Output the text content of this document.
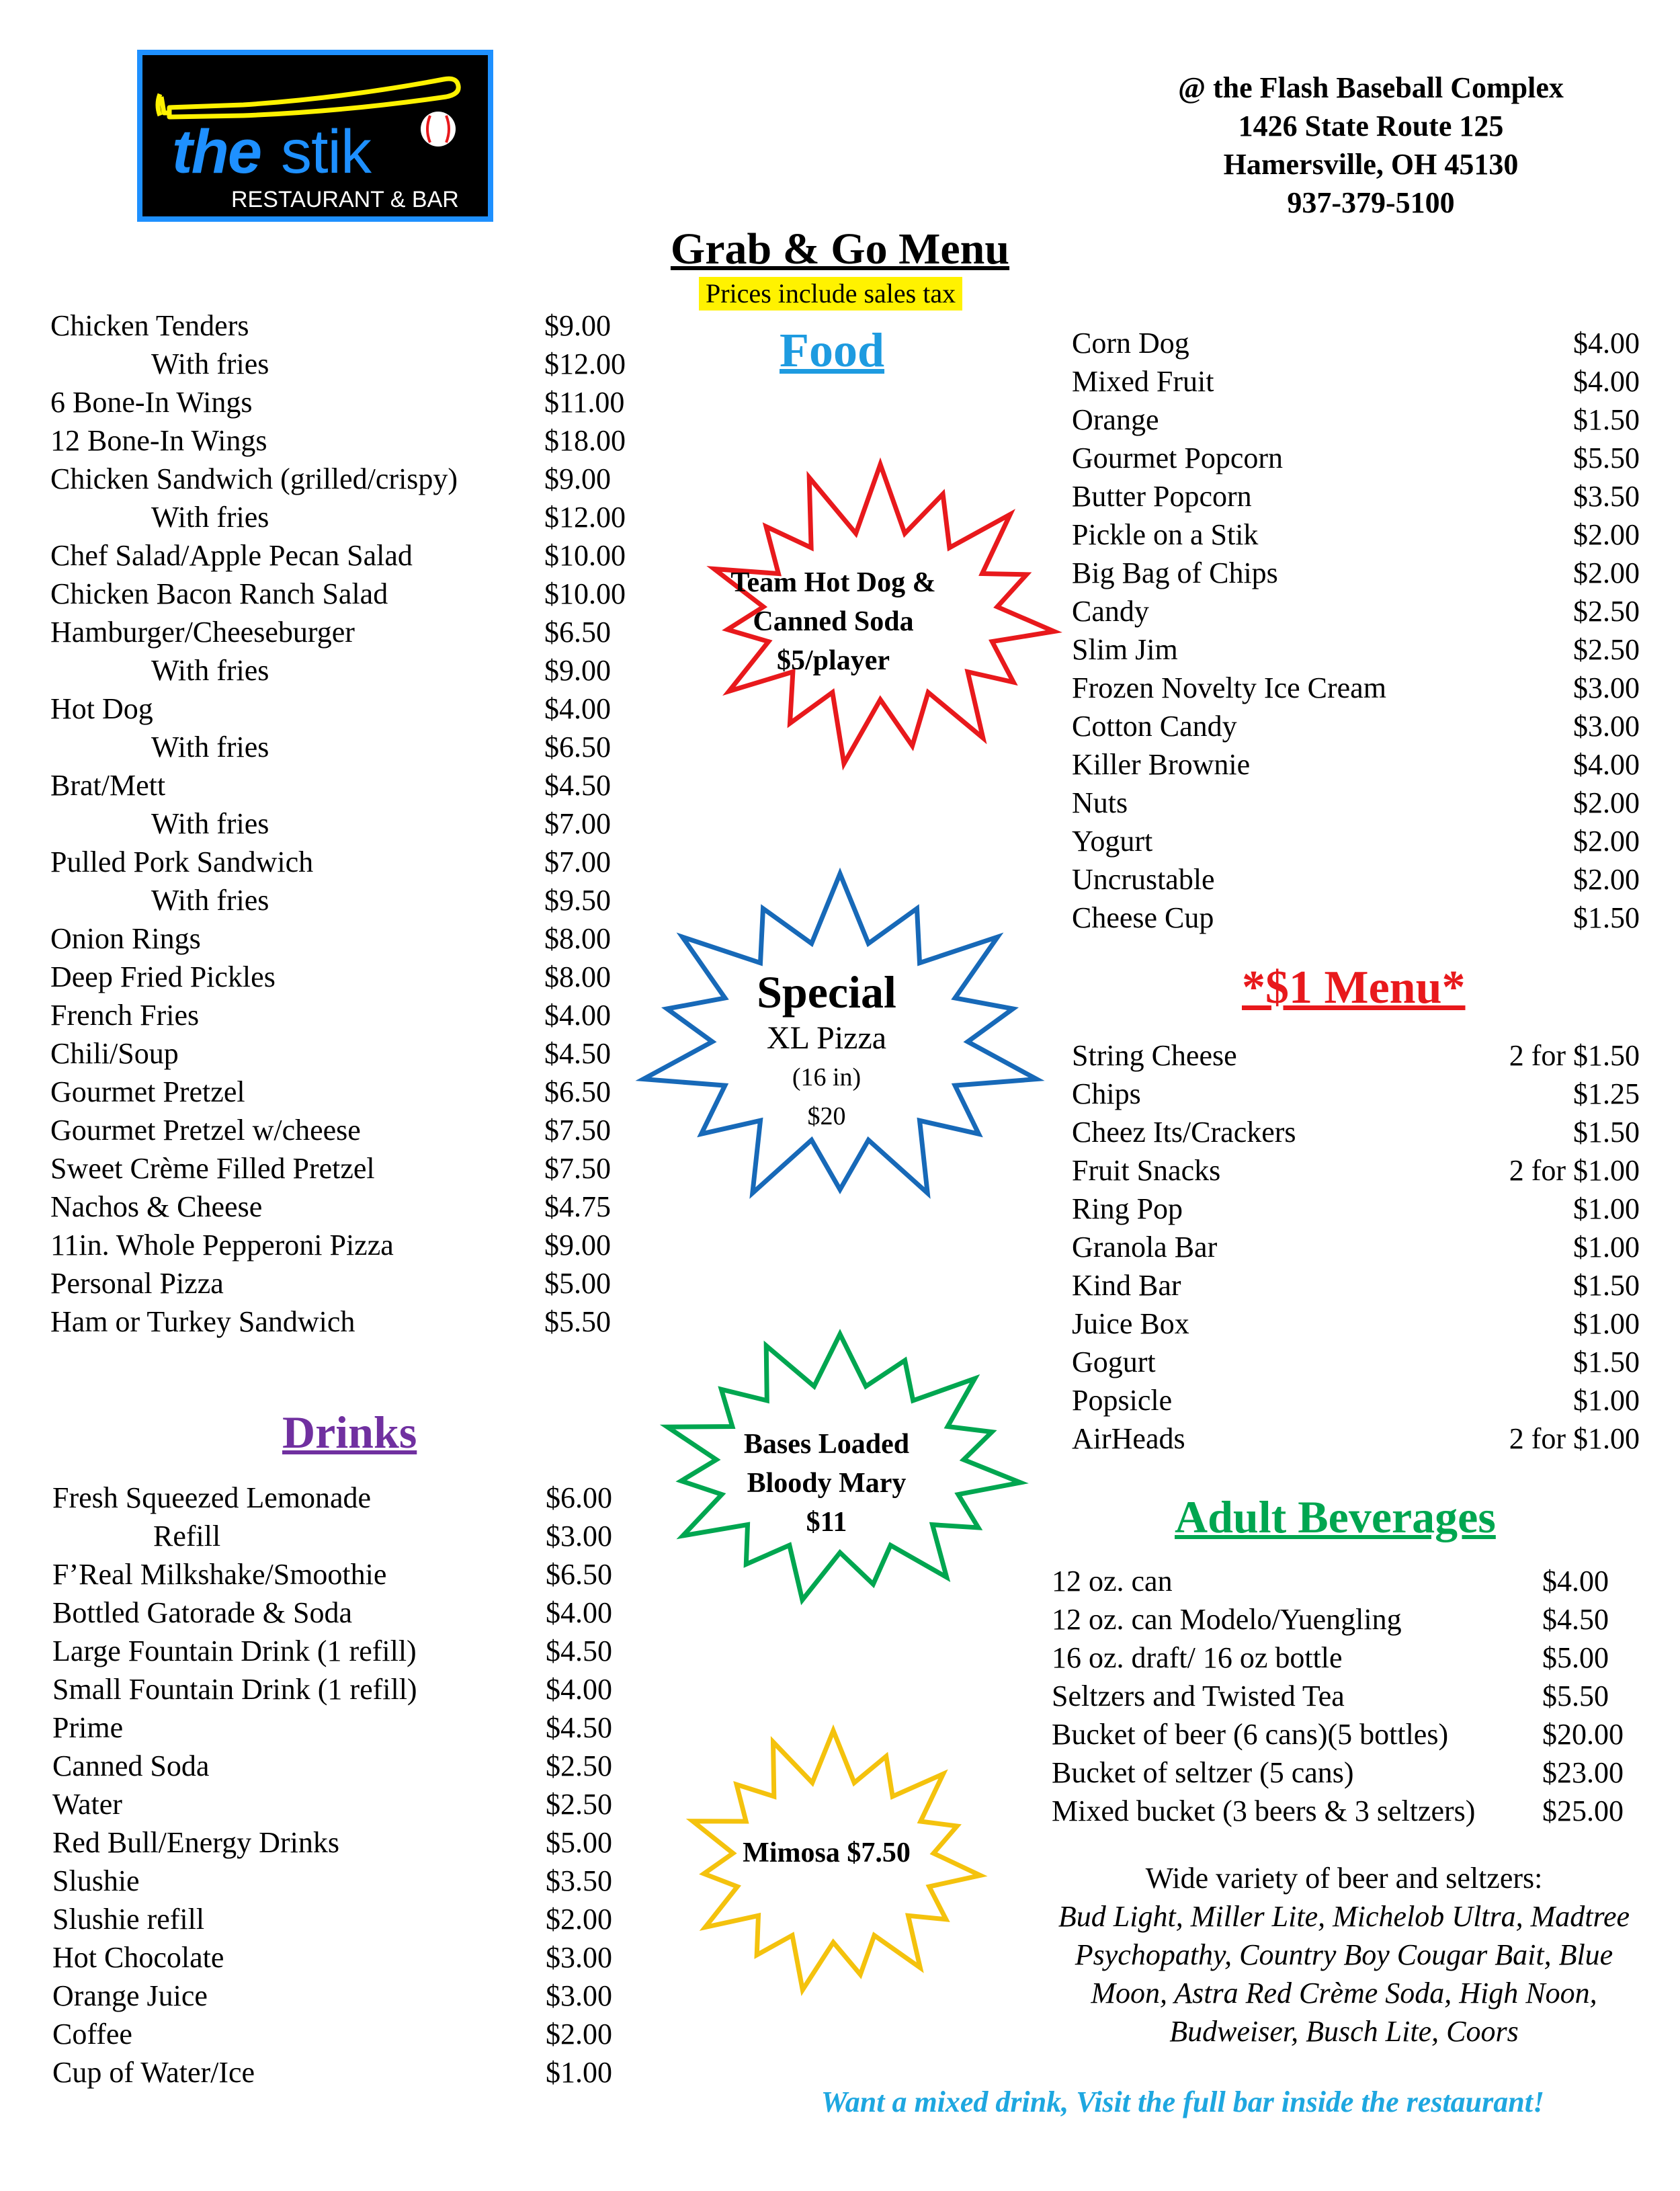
the stik
RESTAURANT & BAR
@ the Flash Baseball Complex
1426 State Route 125
Hamersville, OH 45130
937-379-5100
Grab & Go Menu
Prices include sales tax
Food
Drinks
*$1 Menu*
Adult Beverages
Chicken Tenders	$9.00
With fries	$12.00
6 Bone-In Wings	$11.00
12 Bone-In Wings	$18.00
Chicken Sandwich (grilled/crispy)	$9.00
With fries	$12.00
Chef Salad/Apple Pecan Salad	$10.00
Chicken Bacon Ranch Salad	$10.00
Hamburger/Cheeseburger	$6.50
With fries	$9.00
Hot Dog	$4.00
With fries	$6.50
Brat/Mett	$4.50
With fries	$7.00
Pulled Pork Sandwich	$7.00
With fries	$9.50
Onion Rings	$8.00
Deep Fried Pickles	$8.00
French Fries	$4.00
Chili/Soup	$4.50
Gourmet Pretzel	$6.50
Gourmet Pretzel w/cheese	$7.50
Sweet Crème Filled Pretzel	$7.50
Nachos & Cheese	$4.75
11in. Whole Pepperoni Pizza	$9.00
Personal Pizza	$5.00
Ham or Turkey Sandwich	$5.50
Corn Dog	$4.00
Mixed Fruit	$4.00
Orange	$1.50
Gourmet Popcorn	$5.50
Butter Popcorn	$3.50
Pickle on a Stik	$2.00
Big Bag of Chips	$2.00
Candy	$2.50
Slim Jim	$2.50
Frozen Novelty Ice Cream	$3.00
Cotton Candy	$3.00
Killer Brownie	$4.00
Nuts	$2.00
Yogurt	$2.00
Uncrustable	$2.00
Cheese Cup	$1.50
String Cheese	2 for $1.50
Chips	$1.25
Cheez Its/Crackers	$1.50
Fruit Snacks	2 for $1.00
Ring Pop	$1.00
Granola Bar	$1.00
Kind Bar	$1.50
Juice Box	$1.00
Gogurt	$1.50
Popsicle	$1.00
AirHeads	2 for $1.00
Fresh Squeezed Lemonade	$6.00
Refill	$3.00
F’Real Milkshake/Smoothie	$6.50
Bottled Gatorade & Soda	$4.00
Large Fountain Drink (1 refill)	$4.50
Small Fountain Drink (1 refill)	$4.00
Prime	$4.50
Canned Soda	$2.50
Water	$2.50
Red Bull/Energy Drinks	$5.00
Slushie	$3.50
Slushie refill	$2.00
Hot Chocolate	$3.00
Orange Juice	$3.00
Coffee	$2.00
Cup of Water/Ice	$1.00
12 oz. can	$4.00
12 oz. can Modelo/Yuengling	$4.50
16 oz. draft/ 16 oz bottle	$5.00
Seltzers and Twisted Tea	$5.50
Bucket of beer (6 cans)(5 bottles)	$20.00
Bucket of seltzer (5 cans)	$23.00
Mixed bucket (3 beers & 3 seltzers) $25.00
Team Hot Dog &
Canned Soda
$5/player
Special
XL Pizza
(16 in)
$20
Bases Loaded
Bloody Mary
$11
Mimosa $7.50
Wide variety of beer and seltzers:
Bud Light, Miller Lite, Michelob Ultra, Madtree Psychopathy, Country Boy Cougar Bait, Blue Moon, Astra Red Crème Soda, High Noon, Budweiser, Busch Lite, Coors
Want a mixed drink, Visit the full bar inside the restaurant!
